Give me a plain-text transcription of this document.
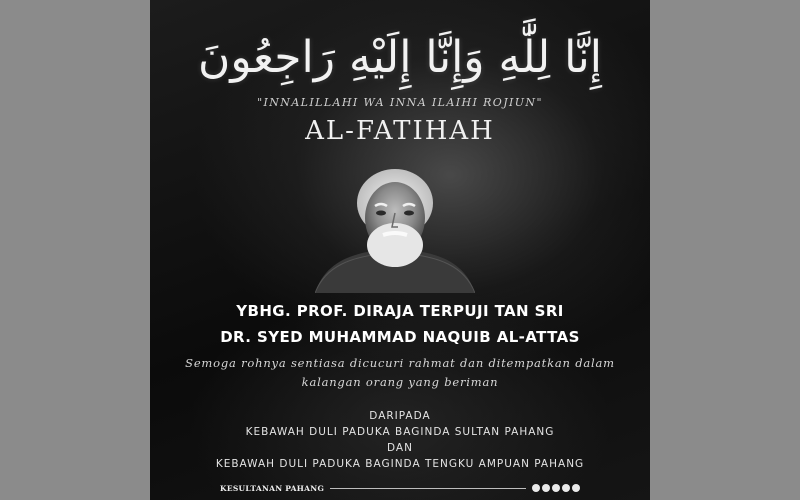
إِنَّا لِلَّٰهِ وَإِنَّا إِلَيْهِ رَاجِعُونَ
"INNALILLAHI WA INNA ILAIHI ROJIUN"
AL-FATIHAH
YBHG. PROF. DIRAJA TERPUJI TAN SRI
DR. SYED MUHAMMAD NAQUIB AL-ATTAS
Semoga rohnya sentiasa dicucuri rahmat dan ditempatkan dalam
kalangan orang yang beriman
DARIPADA
KEBAWAH DULI PADUKA BAGINDA SULTAN PAHANG
DAN
KEBAWAH DULI PADUKA BAGINDA TENGKU AMPUAN PAHANG
KESULTANAN PAHANG
